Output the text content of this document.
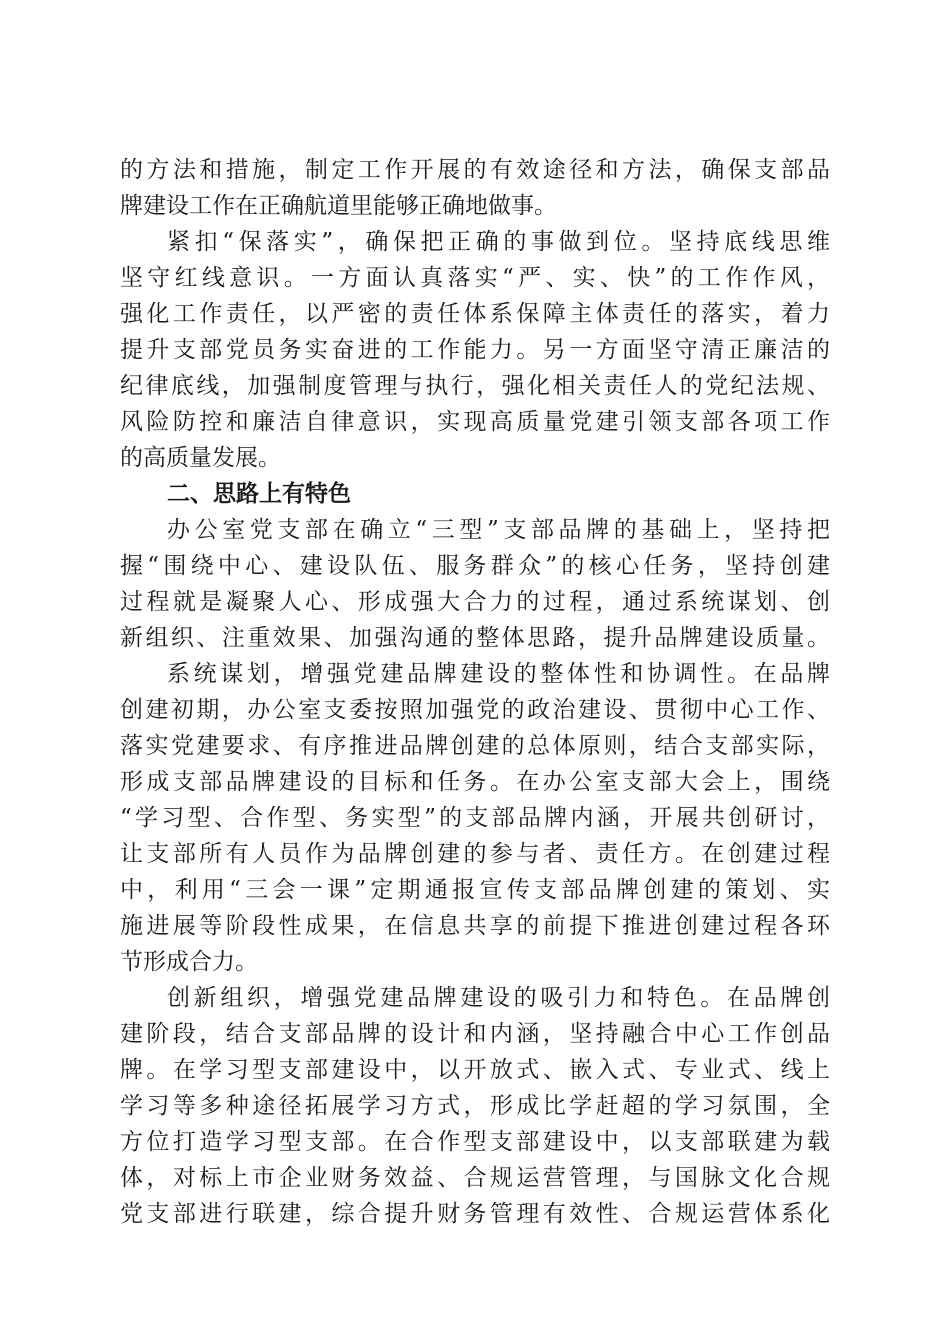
的方法和措施，制定工作开展的有效途径和方法，确保支部品
牌建设工作在正确航道里能够正确地做事。
紧扣“保落实”，确保把正确的事做到位。坚持底线思维
坚守红线意识。一方面认真落实“严、实、快”的工作作风，
强化工作责任，以严密的责任体系保障主体责任的落实，着力
提升支部党员务实奋进的工作能力。另一方面坚守清正廉洁的
纪律底线，加强制度管理与执行，强化相关责任人的党纪法规、
风险防控和廉洁自律意识，实现高质量党建引领支部各项工作
的高质量发展。
二、思路上有特色
办公室党支部在确立“三型”支部品牌的基础上，坚持把
握“围绕中心、建设队伍、服务群众”的核心任务，坚持创建
过程就是凝聚人心、形成强大合力的过程，通过系统谋划、创
新组织、注重效果、加强沟通的整体思路，提升品牌建设质量。
系统谋划，增强党建品牌建设的整体性和协调性。在品牌
创建初期，办公室支委按照加强党的政治建设、贯彻中心工作、
落实党建要求、有序推进品牌创建的总体原则，结合支部实际，
形成支部品牌建设的目标和任务。在办公室支部大会上，围绕
“学习型、合作型、务实型”的支部品牌内涵，开展共创研讨，
让支部所有人员作为品牌创建的参与者、责任方。在创建过程
中，利用“三会一课”定期通报宣传支部品牌创建的策划、实
施进展等阶段性成果，在信息共享的前提下推进创建过程各环
节形成合力。
创新组织，增强党建品牌建设的吸引力和特色。在品牌创
建阶段，结合支部品牌的设计和内涵，坚持融合中心工作创品
牌。在学习型支部建设中，以开放式、嵌入式、专业式、线上
学习等多种途径拓展学习方式，形成比学赶超的学习氛围，全
方位打造学习型支部。在合作型支部建设中，以支部联建为载
体，对标上市企业财务效益、合规运营管理，与国脉文化合规
党支部进行联建，综合提升财务管理有效性、合规运营体系化
